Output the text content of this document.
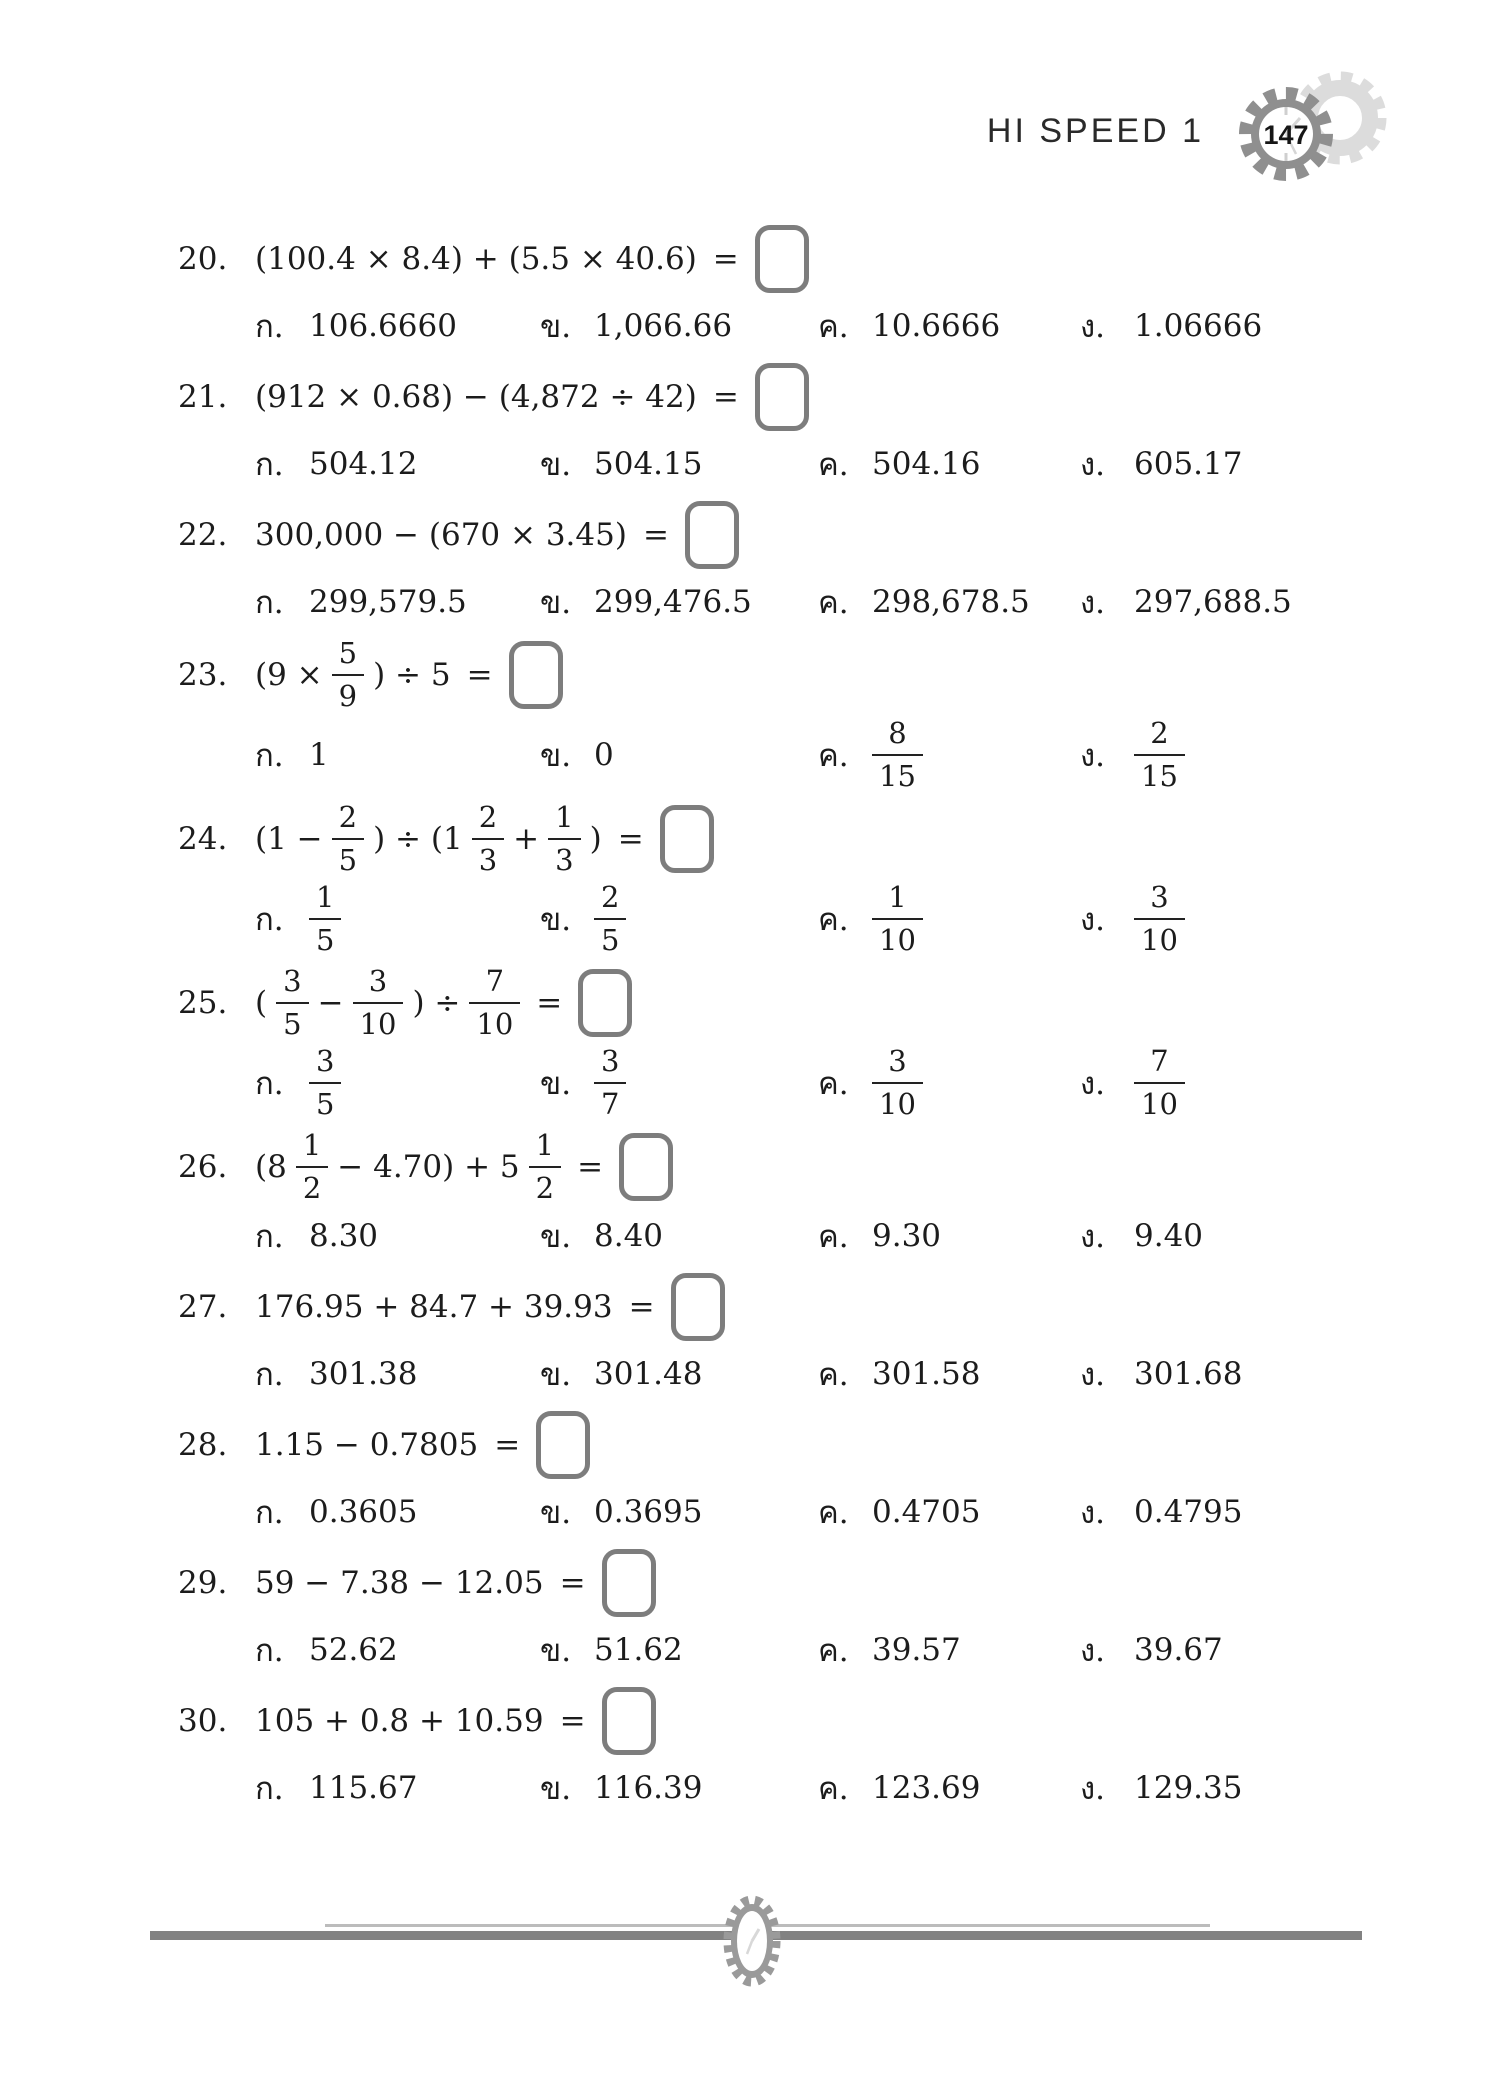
HI SPEED 1 147
20. (100.4 × 8.4) + (5.5 × 40.6) =
ก. 106.6660	ข. 1,066.66	ค. 10.6666	ง. 1.06666
21. (912 × 0.68) − (4,872 ÷ 42) =
ก. 504.12	ข. 504.15	ค. 504.16	ง. 605.17
22. 300,000 − (670 × 3.45) =
ก. 299,579.5 ข. 299,476.5 ค. 298,678.5 ง. 297,688.5
23. ($9 \times \frac{5}{9}$ ) ÷ 5 =
ก. 1	ข. 0	ค. $\frac{8}{15}$	ง. $\frac{2}{15}$
24. ($1 - \frac{2}{5}$ ) ÷ ($1 \frac{2}{3} + \frac{1}{3}$ ) =
ก. $\frac{1}{5}$	ข. $\frac{2}{5}$	ค. $\frac{1}{10}$	ง. $\frac{3}{10}$
25. ( $\frac{3}{5} - \frac{3}{10}$ ) ÷ $\frac{7}{10}$ =
ก. $\frac{3}{5}$	ข. $\frac{3}{7}$	ค. $\frac{3}{10}$	ง. $\frac{7}{10}$
26. $(8 \frac{1}{2} - 4.70) + 5 \frac{1}{2}$ =
ก. 8.30	ข. 8.40	ค. 9.30	ง. 9.40
27. 176.95 + 84.7 + 39.93 =
ก. 301.38	ข. 301.48	ค. 301.58	ง. 301.68
28. 1.15 − 0.7805 =
ก. 0.3605	ข. 0.3695	ค. 0.4705	ง. 0.4795
29. 59 − 7.38 − 12.05 =
ก. 52.62	ข. 51.62	ค. 39.57	ง. 39.67
30. 105 + 0.8 + 10.59 =
ก. 115.67	ข. 116.39	ค. 123.69	ง. 129.35
